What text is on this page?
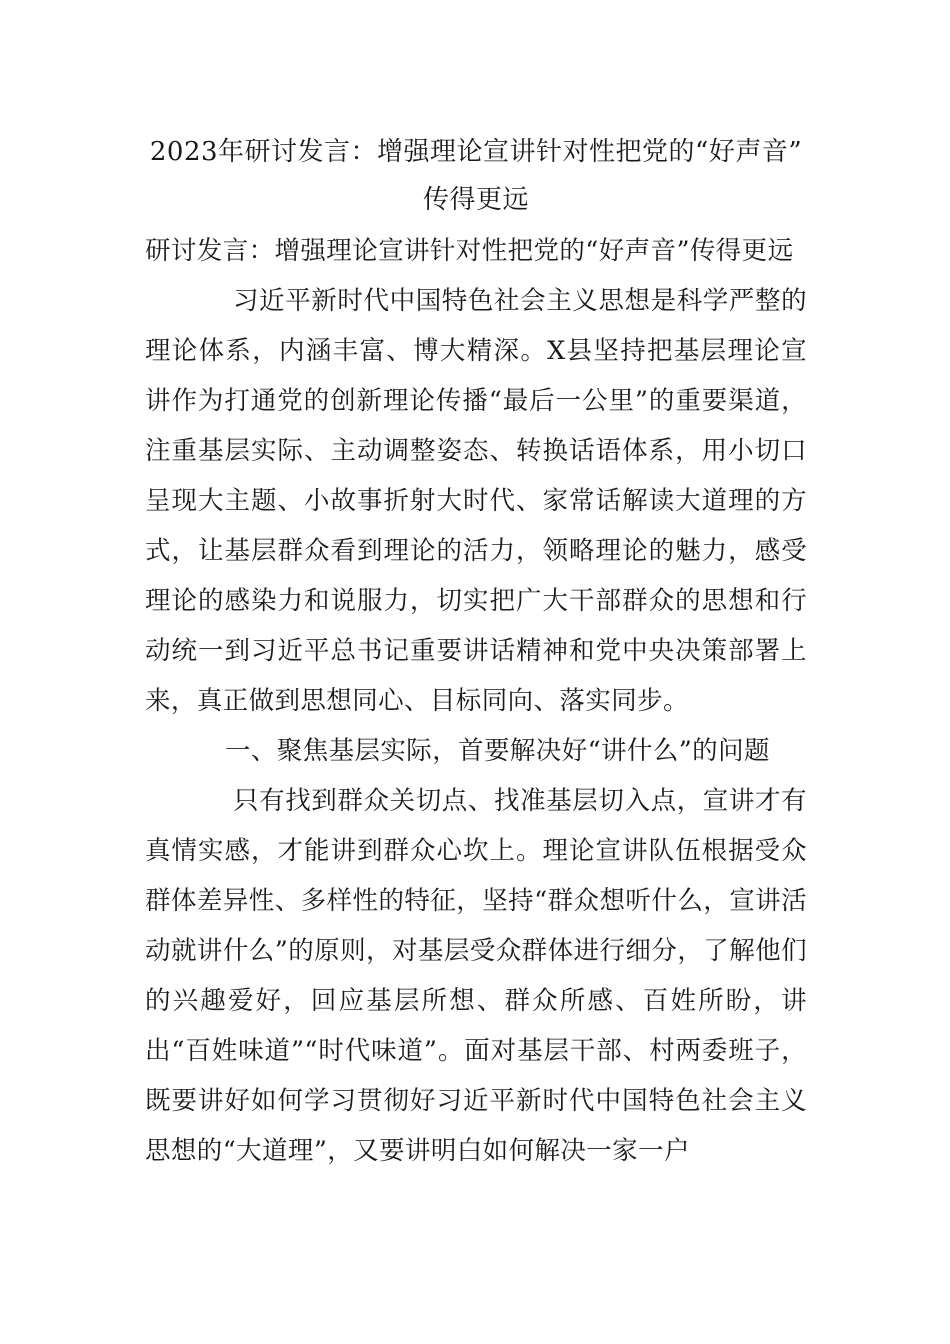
2023年研讨发言：增强理论宣讲针对性把党的“好声音”

传得更远

研讨发言：增强理论宣讲针对性把党的“好声音”传得更远

习近平新时代中国特色社会主义思想是科学严整的理论体系，内涵丰富、博大精深。X县坚持把基层理论宣讲作为打通党的创新理论传播“最后一公里”的重要渠道，注重基层实际、主动调整姿态、转换话语体系，用小切口呈现大主题、小故事折射大时代、家常话解读大道理的方式，让基层群众看到理论的活力，领略理论的魅力，感受理论的感染力和说服力，切实把广大干部群众的思想和行动统一到习近平总书记重要讲话精神和党中央决策部署上来，真正做到思想同心、目标同向、落实同步。

一、聚焦基层实际，首要解决好“讲什么”的问题

只有找到群众关切点、找准基层切入点，宣讲才有真情实感，才能讲到群众心坎上。理论宣讲队伍根据受众群体差异性、多样性的特征，坚持“群众想听什么，宣讲活动就讲什么”的原则，对基层受众群体进行细分，了解他们的兴趣爱好，回应基层所想、群众所感、百姓所盼，讲出“百姓味道”“时代味道”。面对基层干部、村两委班子，既要讲好如何学习贯彻好习近平新时代中国特色社会主义思想的“大道理”，又要讲明白如何解决一家一户
